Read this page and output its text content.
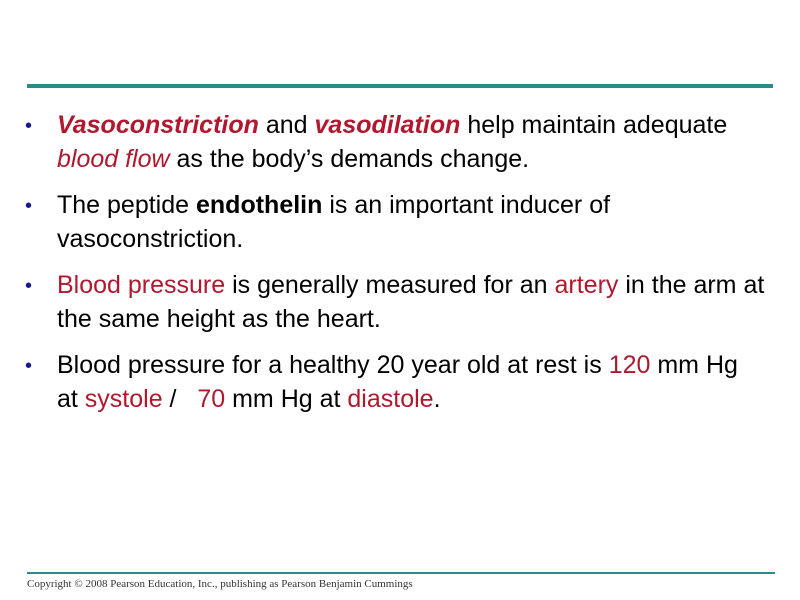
• Vasoconstriction and vasodilation help maintain adequate blood flow as the body’s demands change.
• The peptide endothelin is an important inducer of vasoconstriction.
• Blood pressure is generally measured for an artery in the arm at the same height as the heart.
• Blood pressure for a healthy 20 year old at rest is 120 mm Hg at systole /   70 mm Hg at diastole.
Copyright © 2008 Pearson Education, Inc., publishing as Pearson Benjamin Cummings
